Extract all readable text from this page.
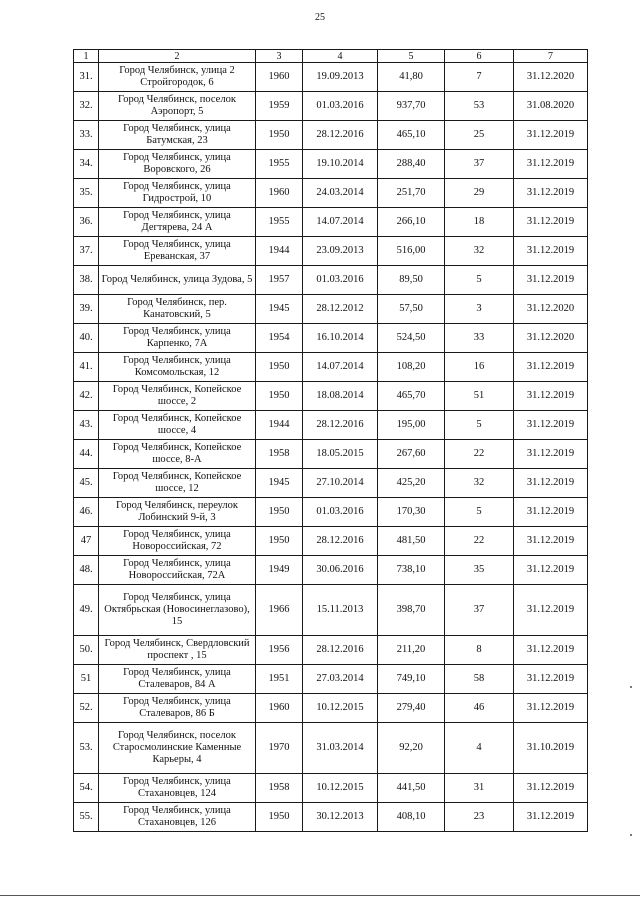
25
1	2	3	4	5	6	7
31.	Город Челябинск, улица 2 Стройгородок, 6	1960	19.09.2013	41,80	7	31.12.2020
32.	Город Челябинск, поселок Аэропорт, 5	1959	01.03.2016	937,70	53	31.08.2020
33.	Город Челябинск, улица Батумская, 23	1950	28.12.2016	465,10	25	31.12.2019
34.	Город Челябинск, улица Воровского, 26	1955	19.10.2014	288,40	37	31.12.2019
35.	Город Челябинск, улица Гидрострой, 10	1960	24.03.2014	251,70	29	31.12.2019
36.	Город Челябинск, улица Дегтярева, 24 А	1955	14.07.2014	266,10	18	31.12.2019
37.	Город Челябинск, улица Ереванская, 37	1944	23.09.2013	516,00	32	31.12.2019
38.	Город Челябинск, улица Зудова, 5	1957	01.03.2016	89,50	5	31.12.2019
39.	Город Челябинск, пер. Канатовский, 5	1945	28.12.2012	57,50	3	31.12.2020
40.	Город Челябинск, улица Карпенко, 7А	1954	16.10.2014	524,50	33	31.12.2020
41.	Город Челябинск, улица Комсомольская, 12	1950	14.07.2014	108,20	16	31.12.2019
42.	Город Челябинск, Копейское шоссе, 2	1950	18.08.2014	465,70	51	31.12.2019
43.	Город Челябинск, Копейское шоссе, 4	1944	28.12.2016	195,00	5	31.12.2019
44.	Город Челябинск, Копейское шоссе, 8-А	1958	18.05.2015	267,60	22	31.12.2019
45.	Город Челябинск, Копейское шоссе, 12	1945	27.10.2014	425,20	32	31.12.2019
46.	Город Челябинск, переулок Лобинский 9-й, 3	1950	01.03.2016	170,30	5	31.12.2019
47	Город Челябинск, улица Новороссийская, 72	1950	28.12.2016	481,50	22	31.12.2019
48.	Город Челябинск, улица Новороссийская, 72А	1949	30.06.2016	738,10	35	31.12.2019
49.	Город Челябинск, улица Октябрьская (Новосинеглазово), 15	1966	15.11.2013	398,70	37	31.12.2019
50.	Город Челябинск, Свердловский проспект , 15	1956	28.12.2016	211,20	8	31.12.2019
51	Город Челябинск, улица Сталеваров, 84 А	1951	27.03.2014	749,10	58	31.12.2019
52.	Город Челябинск, улица Сталеваров, 86 Б	1960	10.12.2015	279,40	46	31.12.2019
53.	Город Челябинск, поселок Старосмолинские Каменные Карьеры, 4	1970	31.03.2014	92,20	4	31.10.2019
54.	Город Челябинск, улица Стахановцев, 124	1958	10.12.2015	441,50	31	31.12.2019
55.	Город Челябинск, улица Стахановцев, 126	1950	30.12.2013	408,10	23	31.12.2019
